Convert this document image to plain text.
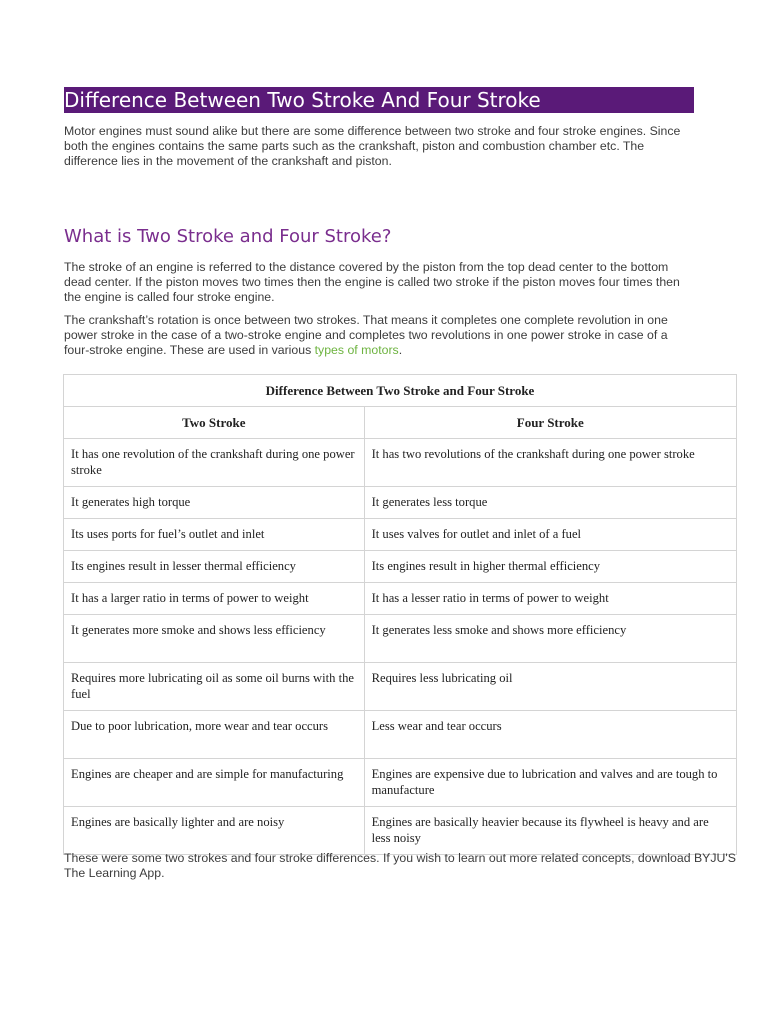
Difference Between Two Stroke And Four Stroke
Motor engines must sound alike but there are some difference between two stroke and four stroke engines. Since both the engines contains the same parts such as the crankshaft, piston and combustion chamber etc. The difference lies in the movement of the crankshaft and piston.
What is Two Stroke and Four Stroke?
The stroke of an engine is referred to the distance covered by the piston from the top dead center to the bottom dead center. If the piston moves two times then the engine is called two stroke if the piston moves four times then the engine is called four stroke engine.
The crankshaft’s rotation is once between two strokes. That means it completes one complete revolution in one power stroke in the case of a two-stroke engine and completes two revolutions in one power stroke in case of a four-stroke engine. These are used in various types of motors.
Difference Between Two Stroke and Four Stroke	
Two Stroke	Four Stroke
It has one revolution of the crankshaft during one power stroke	It has two revolutions of the crankshaft during one power stroke
It generates high torque	It generates less torque
Its uses ports for fuel’s outlet and inlet	It uses valves for outlet and inlet of a fuel
Its engines result in lesser thermal efficiency	Its engines result in higher thermal efficiency
It has a larger ratio in terms of power to weight	It has a lesser ratio in terms of power to weight
It generates more smoke and shows less efficiency	It generates less smoke and shows more efficiency
Requires more lubricating oil as some oil burns with the fuel	Requires less lubricating oil
Due to poor lubrication, more wear and tear occurs	Less wear and tear occurs
Engines are cheaper and are simple for manufacturing	Engines are expensive due to lubrication and valves and are tough to manufacture
Engines are basically lighter and are noisy	Engines are basically heavier because its flywheel is heavy and are less noisy
These were some two strokes and four stroke differences. If you wish to learn out more related concepts, download BYJU'S The Learning App.
